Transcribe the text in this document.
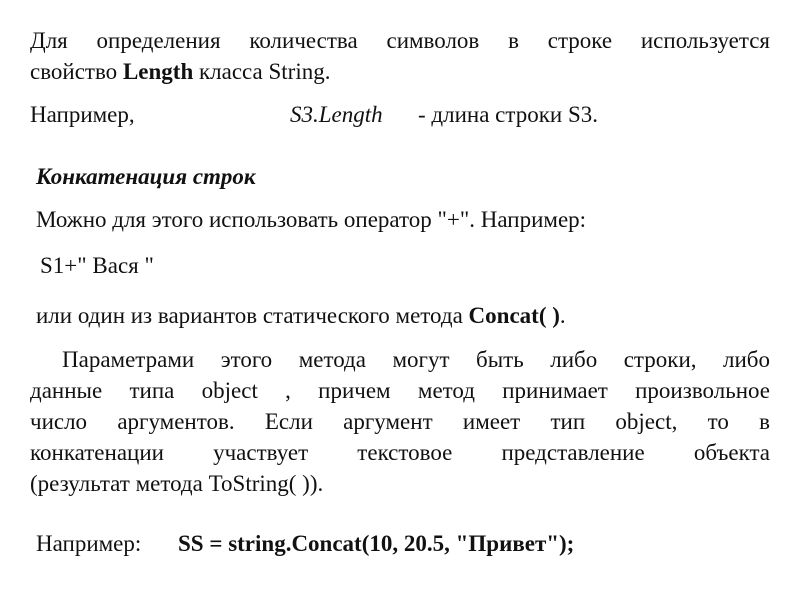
Для определения количества символов в строке используется
свойство Length класса String.
Например,	S3.Length - длина строки S3.
Конкатенация строк
Можно для этого использовать оператор "+". Например:
S1+" Вася "
или один из вариантов статического метода Concat( ).
Параметрами этого метода могут быть либо строки, либо
данные типа object , причем метод принимает произвольное
число аргументов. Если аргумент имеет тип object, то в
конкатенации участвует текстовое представление объекта
(результат метода ToString( )).
Например: SS = string.Concat(10, 20.5, "Привет");
